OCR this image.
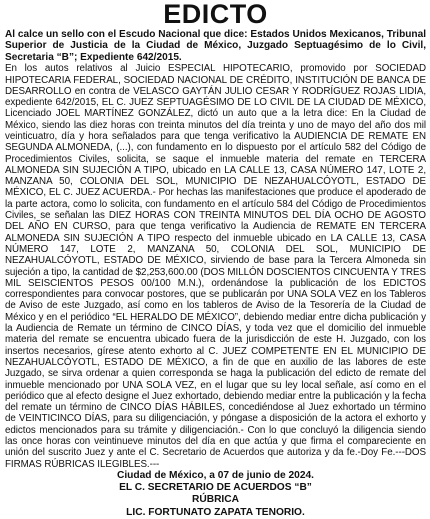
EDICTO

Al calce un sello con el Escudo Nacional que dice: Estados Unidos Mexicanos, Tribunal Superior de Justicia de la Ciudad de México, Juzgado Septuagésimo de lo Civil, Secretaria “B”; Expediente 642/2015.

En los autos relativos al Juicio ESPECIAL HIPOTECARIO, promovido por SOCIEDAD HIPOTECARIA FEDERAL, SOCIEDAD NACIONAL DE CRÉDITO, INSTITUCIÓN DE BANCA DE DESARROLLO en contra de VELASCO GAYTÁN JULIO CESAR Y RODRÍGUEZ ROJAS LIDIA, expediente 642/2015, EL C. JUEZ SEPTUAGÉSIMO DE LO CIVIL DE LA CIUDAD DE MÉXICO, Licenciado JOEL MARTÍNEZ GONZÁLEZ, dictó un auto que a la letra dice: En la Ciudad de México, siendo las diez horas con treinta minutos del día treinta y uno de mayo del año dos mil veinticuatro, día y hora señalados para que tenga verificativo la AUDIENCIA DE REMATE EN SEGUNDA ALMONEDA, (...), con fundamento en lo dispuesto por el artículo 582 del Código de Procedimientos Civiles, solicita, se saque el inmueble materia del remate en TERCERA ALMONEDA SIN SUJECIÓN A TIPO, ubicado en LA CALLE 13, CASA NÚMERO 147, LOTE 2, MANZANA 50, COLONIA DEL SOL, MUNICIPIO DE NEZAHUALCÓYOTL, ESTADO DE MÉXICO, EL C. JUEZ ACUERDA.- Por hechas las manifestaciones que produce el apoderado de la parte actora, como lo solicita, con fundamento en el artículo 584 del Código de Procedimientos Civiles, se señalan las DIEZ HORAS CON TREINTA MINUTOS DEL DÍA OCHO DE AGOSTO DEL AÑO EN CURSO, para que tenga verificativo la Audiencia de REMATE EN TERCERA ALMONEDA SIN SUJECIÓN A TIPO respecto del inmueble ubicado en LA CALLE 13, CASA NÚMERO 147, LOTE 2, MANZANA 50, COLONIA DEL SOL, MUNICIPIO DE NEZAHUALCÓYOTL, ESTADO DE MÉXICO, sirviendo de base para la Tercera Almoneda sin sujeción a tipo, la cantidad de $2,253,600.00 (DOS MILLÓN DOSCIENTOS CINCUENTA Y TRES MIL SEISCIENTOS PESOS 00/100 M.N.), ordenándose la publicación de los EDICTOS correspondientes para convocar postores, que se publicarán por UNA SOLA VEZ en los Tableros de Aviso de este Juzgado, así como en los tableros de Aviso de la Tesorería de la Ciudad de México y en el periódico “EL HERALDO DE MÉXICO”, debiendo mediar entre dicha publicación y la Audiencia de Remate un término de CINCO DÍAS, y toda vez que el domicilio del inmueble materia del remate se encuentra ubicado fuera de la jurisdicción de este H. Juzgado, con los insertos necesarios, gírese atento exhorto al C. JUEZ COMPETENTE EN EL MUNICIPIO DE NEZAHUALCÓYOTL, ESTADO DE MÉXICO, a fin de que en auxilio de las labores de este Juzgado, se sirva ordenar a quien corresponda se haga la publicación del edicto de remate del inmueble mencionado por UNA SOLA VEZ, en el lugar que su ley local señale, así como en el periódico que al efecto designe el Juez exhortado, debiendo mediar entre la publicación y la fecha del remate un término de CINCO DÍAS HÁBILES, concediéndose al Juez exhortado un término de VEINTICINCO DÍAS, para su diligenciación, y póngase a disposición de la actora el exhorto y edictos mencionados para su trámite y diligenciación.- Con lo que concluyó la diligencia siendo las once horas con veintinueve minutos del día en que actúa y que firma el compareciente en unión del suscrito Juez y ante el C. Secretario de Acuerdos que autoriza y da fe.-Doy Fe.---DOS FIRMAS RÚBRICAS ILEGIBLES.---

Ciudad de México, a 07 de junio de 2024.

EL C. SECRETARIO DE ACUERDOS “B”

RÚBRICA

LIC. FORTUNATO ZAPATA TENORIO.
